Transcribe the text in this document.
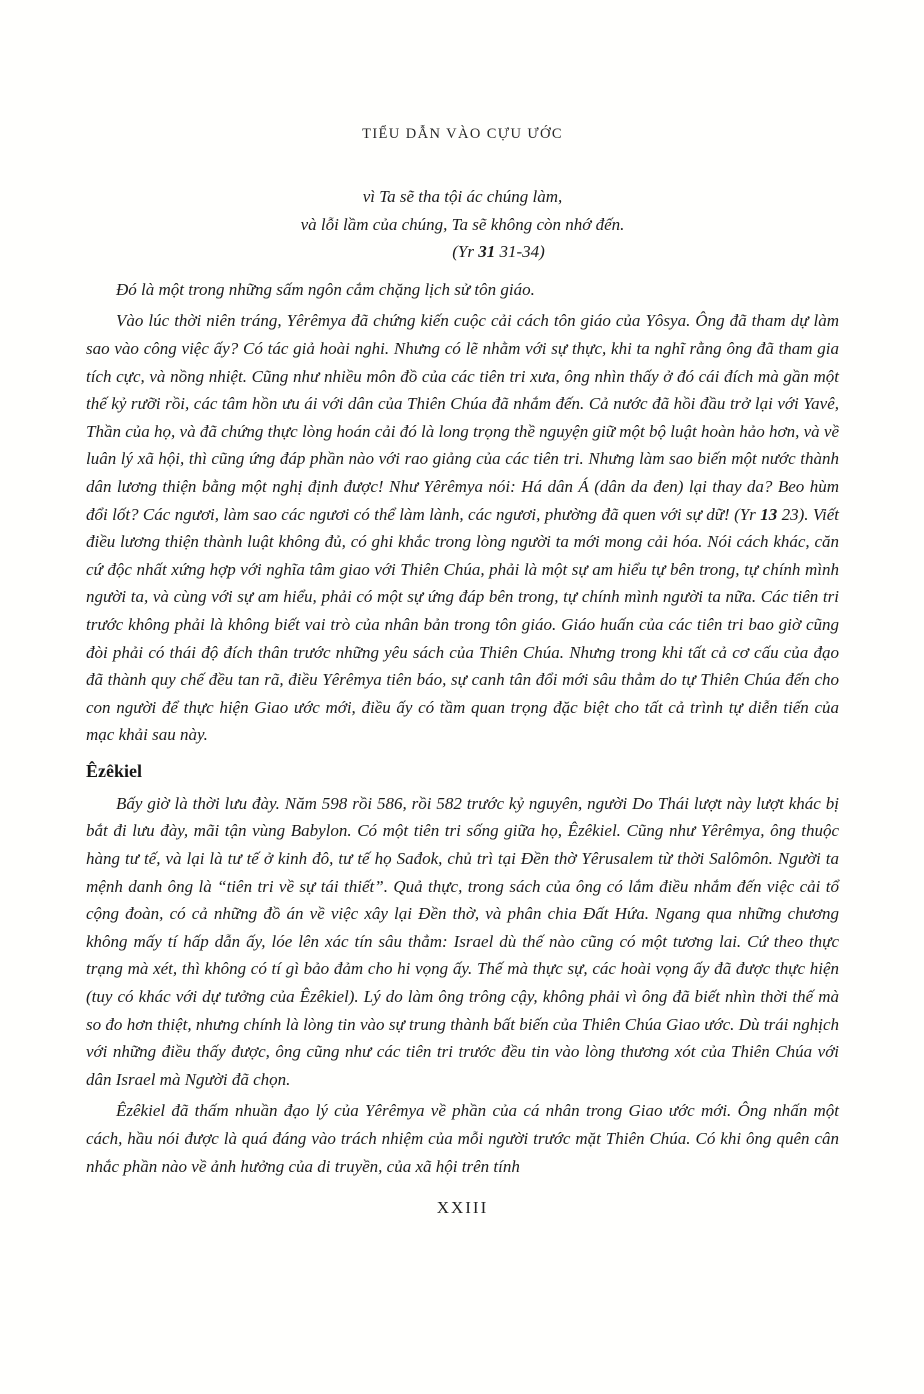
TIỂU DẪN VÀO CỰU ƯỚC

vì Ta sẽ tha tội ác chúng làm,

và lỗi lầm của chúng, Ta sẽ không còn nhớ đến.

(Yr 31 31-34)

Đó là một trong những sấm ngôn cắm chặng lịch sử tôn giáo.

Vào lúc thời niên tráng, Yêrêmya đã chứng kiến cuộc cải cách tôn giáo của Yôsya. Ông đã tham dự làm sao vào công việc ấy? Có tác giả hoài nghi. Nhưng có lẽ nhằm với sự thực, khi ta nghĩ rằng ông đã tham gia tích cực, và nồng nhiệt. Cũng như nhiều môn đồ của các tiên tri xưa, ông nhìn thấy ở đó cái đích mà gần một thế kỷ rưỡi rồi, các tâm hồn ưu ái với dân của Thiên Chúa đã nhắm đến. Cả nước đã hồi đầu trở lại với Yavê, Thần của họ, và đã chứng thực lòng hoán cải đó là long trọng thề nguyện giữ một bộ luật hoàn hảo hơn, và về luân lý xã hội, thì cũng ứng đáp phần nào với rao giảng của các tiên tri. Nhưng làm sao biến một nước thành dân lương thiện bằng một nghị định được! Như Yêrêmya nói: Há dân Á (dân da đen) lại thay da? Beo hùm đổi lốt? Các ngươi, làm sao các ngươi có thể làm lành, các ngươi, phường đã quen với sự dữ! (Yr 13 23). Viết điều lương thiện thành luật không đủ, có ghi khắc trong lòng người ta mới mong cải hóa. Nói cách khác, căn cứ độc nhất xứng hợp với nghĩa tâm giao với Thiên Chúa, phải là một sự am hiểu tự bên trong, tự chính mình người ta, và cùng với sự am hiểu, phải có một sự ứng đáp bên trong, tự chính mình người ta nữa. Các tiên tri trước không phải là không biết vai trò của nhân bản trong tôn giáo. Giáo huấn của các tiên tri bao giờ cũng đòi phải có thái độ đích thân trước những yêu sách của Thiên Chúa. Nhưng trong khi tất cả cơ cấu của đạo đã thành quy chế đều tan rã, điều Yêrêmya tiên báo, sự canh tân đổi mới sâu thẳm do tự Thiên Chúa đến cho con người để thực hiện Giao ước mới, điều ấy có tầm quan trọng đặc biệt cho tất cả trình tự diễn tiến của mạc khải sau này.

Êzêkiel

Bấy giờ là thời lưu đày. Năm 598 rồi 586, rồi 582 trước kỷ nguyên, người Do Thái lượt này lượt khác bị bắt đi lưu đày, mãi tận vùng Babylon. Có một tiên tri sống giữa họ, Êzêkiel. Cũng như Yêrêmya, ông thuộc hàng tư tế, và lại là tư tế ở kinh đô, tư tế họ Sađok, chủ trì tại Đền thờ Yêrusalem từ thời Salômôn. Người ta mệnh danh ông là “tiên tri về sự tái thiết”. Quả thực, trong sách của ông có lắm điều nhắm đến việc cải tổ cộng đoàn, có cả những đồ án về việc xây lại Đền thờ, và phân chia Đất Hứa. Ngang qua những chương không mấy tí hấp dẫn ấy, lóe lên xác tín sâu thẳm: Israel dù thế nào cũng có một tương lai. Cứ theo thực trạng mà xét, thì không có tí gì bảo đảm cho hi vọng ấy. Thế mà thực sự, các hoài vọng ấy đã được thực hiện (tuy có khác với dự tưởng của Êzêkiel). Lý do làm ông trông cậy, không phải vì ông đã biết nhìn thời thế mà so đo hơn thiệt, nhưng chính là lòng tin vào sự trung thành bất biến của Thiên Chúa Giao ước. Dù trái nghịch với những điều thấy được, ông cũng như các tiên tri trước đều tin vào lòng thương xót của Thiên Chúa với dân Israel mà Người đã chọn.

Êzêkiel đã thấm nhuần đạo lý của Yêrêmya về phần của cá nhân trong Giao ước mới. Ông nhấn một cách, hầu nói được là quá đáng vào trách nhiệm của mỗi người trước mặt Thiên Chúa. Có khi ông quên cân nhắc phần nào về ảnh hưởng của di truyền, của xã hội trên tính

XXIII
